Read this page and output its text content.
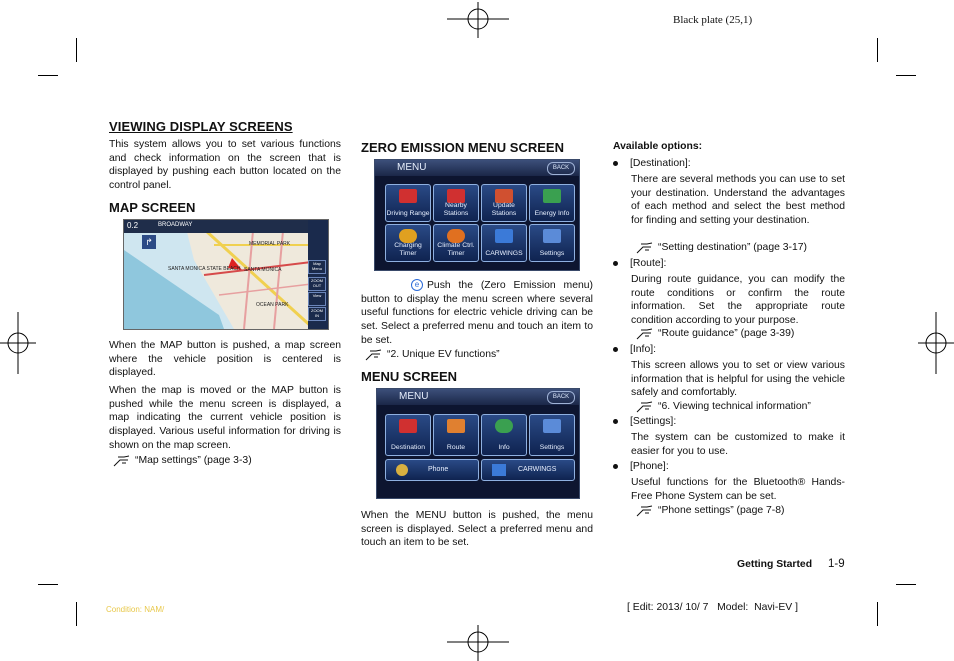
Black plate (25,1)
VIEWING DISPLAY SCREENS
This system allows you to set various functions and check information on the screen that is displayed by pushing each button located on the control panel.
MAP SCREEN
0.2	BROADWAY
↱	MEMORIAL PARK
SANTA MONICA STATE BEACH SANTA MONICA
OCEAN PARK
Map Menu
ZOOM OUT
View
ZOOM IN
When the MAP button is pushed, a map screen where the vehicle position is centered is displayed.
When the map is moved or the MAP button is pushed while the menu screen is displayed, a map indicating the current vehicle position is displayed. Various useful information for driving is shown on the map screen.
“Map settings” (page 3-3)
ZERO EMISSION MENU SCREEN
MENU	BACK
Driving Range
Nearby Stations
Update Stations	Energy Info
Charging Timer
Climate Ctrl. Timer	CARWINGS	Settings
e Push the (Zero Emission menu) button to display the menu screen where several useful functions for electric vehicle driving can be set. Select a preferred menu and touch an item to be set.
“2. Unique EV functions”
MENU SCREEN
MENU	BACK
Destination	Route	Info	Settings
Phone	CARWINGS
When the MENU button is pushed, the menu screen is displayed. Select a preferred menu and touch an item to be set.
Available options:
[Destination]:
There are several methods you can use to set your destination. Understand the advantages of each method and select the best method for finding and setting your destination.
“Setting destination” (page 3-17)
[Route]:
During route guidance, you can modify the route conditions or confirm the route information. Set the appropriate route condition according to your purpose.
“Route guidance” (page 3-39)
[Info]:
This screen allows you to set or view various information that is helpful for using the vehicle safely and comfortably.
“6. Viewing technical information”
[Settings]:
The system can be customized to make it easier for you to use.
[Phone]:
Useful functions for the Bluetooth® Hands-Free Phone System can be set.
“Phone settings” (page 7-8)
Getting Started 1-9
Condition: NAM/	[ Edit: 2013/ 10/ 7   Model:  Navi-EV ]
